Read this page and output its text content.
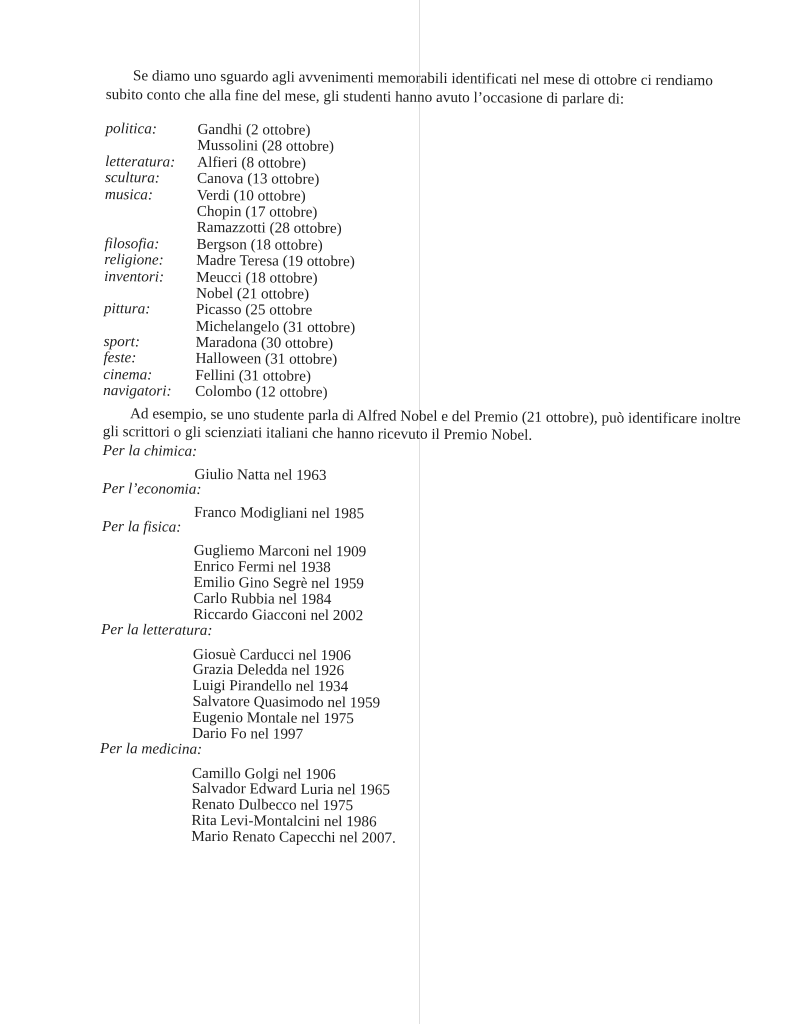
Se diamo uno sguardo agli avvenimenti memorabili identificati nel mese di ottobre ci rendiamo subito conto che alla fine del mese, gli studenti hanno avuto l’occasione di parlare di:

politica:	Gandhi (2 ottobre)
Mussolini (28 ottobre)
letteratura: Alfieri (8 ottobre)
scultura: Canova (13 ottobre)
musica:	Verdi (10 ottobre)
Chopin (17 ottobre)
Ramazzotti (28 ottobre)
filosofia: Bergson (18 ottobre)
religione: Madre Teresa (19 ottobre)
inventori: Meucci (18 ottobre)
Nobel (21 ottobre)
pittura:	Picasso (25 ottobre
Michelangelo (31 ottobre)
sport:	Maradona (30 ottobre)
feste:	Halloween (31 ottobre)
cinema:	Fellini (31 ottobre)
navigatori: Colombo (12 ottobre)

Ad esempio, se uno studente parla di Alfred Nobel e del Premio (21 ottobre), può identificare inoltre gli scrittori o gli scienziati italiani che hanno ricevuto il Premio Nobel.

Per la chimica:
Giulio Natta nel 1963
Per l’economia:
Franco Modigliani nel 1985
Per la fisica:
Gugliemo Marconi nel 1909
Enrico Fermi nel 1938
Emilio Gino Segrè nel 1959
Carlo Rubbia nel 1984
Riccardo Giacconi nel 2002
Per la letteratura:
Giosuè Carducci nel 1906
Grazia Deledda nel 1926
Luigi Pirandello nel 1934
Salvatore Quasimodo nel 1959
Eugenio Montale nel 1975
Dario Fo nel 1997
Per la medicina:
Camillo Golgi nel 1906
Salvador Edward Luria nel 1965
Renato Dulbecco nel 1975
Rita Levi-Montalcini nel 1986
Mario Renato Capecchi nel 2007.
